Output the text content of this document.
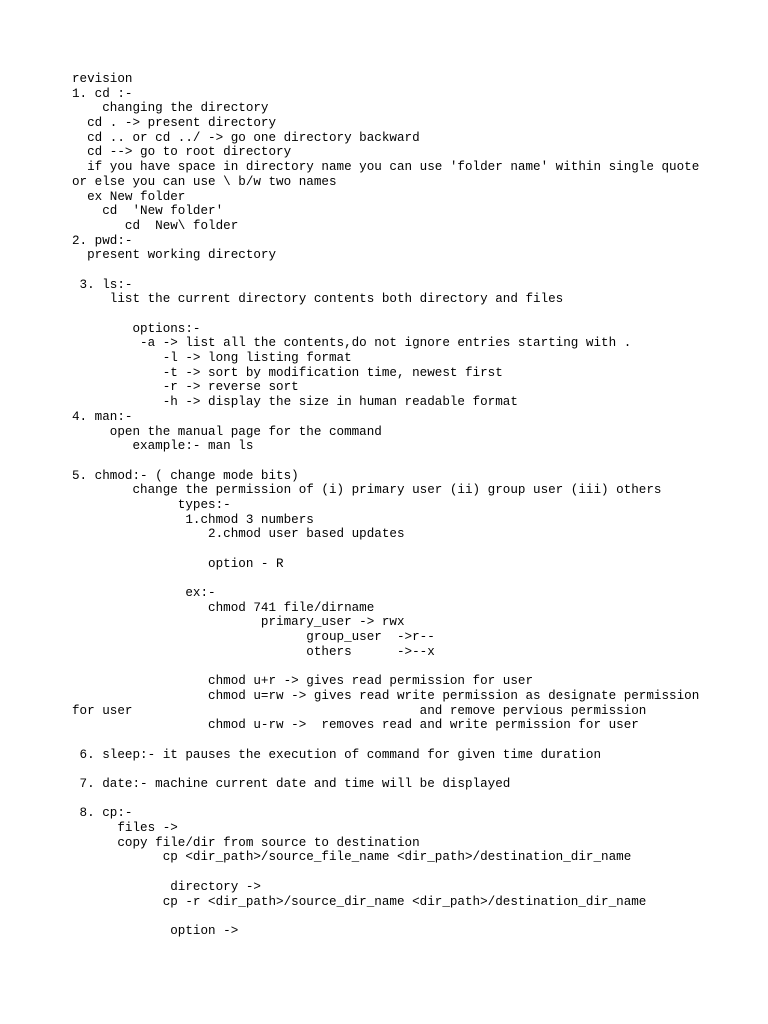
revision
1. cd :-
changing the directory
cd . -> present directory
cd .. or cd ../ -> go one directory backward
cd --> go to root directory
if you have space in directory name you can use 'folder name' within single quote
or else you can use \ b/w two names
ex New folder
cd  'New folder'
cd  New\ folder
2. pwd:-
present working directory
3. ls:-
list the current directory contents both directory and files
options:-
-a -> list all the contents,do not ignore entries starting with .
-l -> long listing format
-t -> sort by modification time, newest first
-r -> reverse sort
-h -> display the size in human readable format
4. man:-
open the manual page for the command
example:- man ls
5. chmod:- ( change mode bits)
change the permission of (i) primary user (ii) group user (iii) others
types:-
1.chmod 3 numbers
2.chmod user based updates
option - R
ex:-
chmod 741 file/dirname
primary_user -> rwx
group_user  ->r--
others      ->--x
chmod u+r -> gives read permission for user
chmod u=rw -> gives read write permission as designate permission
for user                                      and remove pervious permission
chmod u-rw ->  removes read and write permission for user
6. sleep:- it pauses the execution of command for given time duration
7. date:- machine current date and time will be displayed
8. cp:-
files ->
copy file/dir from source to destination
cp <dir_path>/source_file_name <dir_path>/destination_dir_name
directory ->
cp -r <dir_path>/source_dir_name <dir_path>/destination_dir_name
option ->
